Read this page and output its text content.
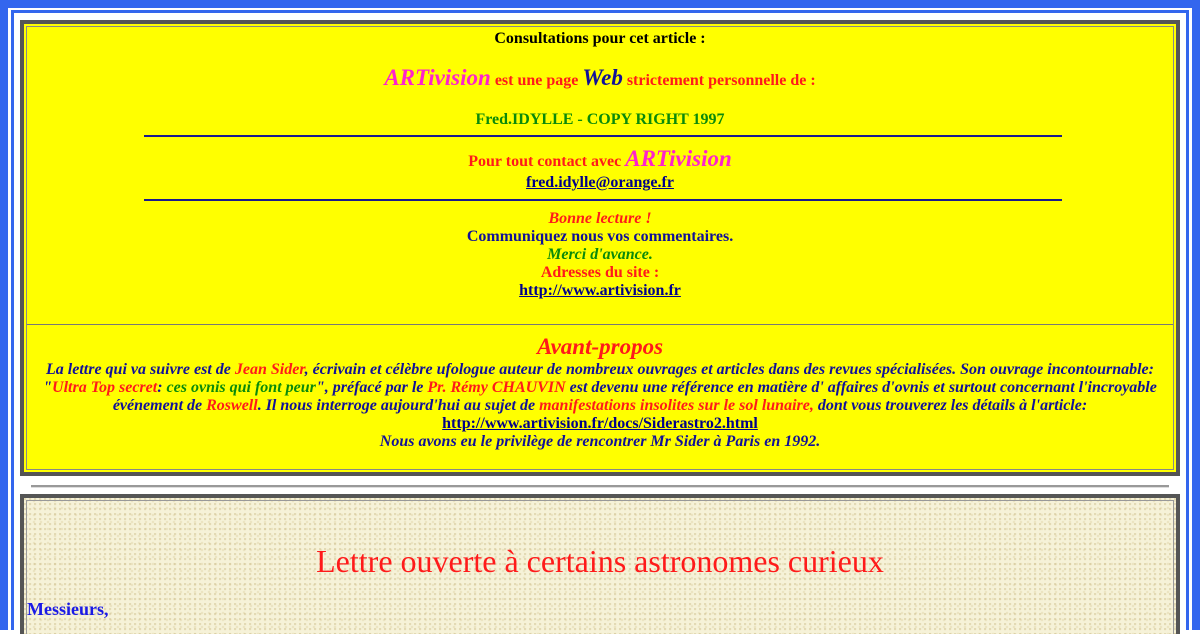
Consultations pour cet article :
ARTivision est une page Web strictement personnelle de :
Fred.IDYLLE - COPY RIGHT 1997
Pour tout contact avec ARTivision
fred.idylle@orange.fr
Bonne lecture !
Communiquez nous vos commentaires.
Merci d'avance.
Adresses du site :
http://www.artivision.fr
Avant-propos
La lettre qui va suivre est de Jean Sider, écrivain et célèbre ufologue auteur de nombreux ouvrages et articles dans des revues spécialisées. Son ouvrage incontournable:
"Ultra Top secret: ces ovnis qui font peur", préfacé par le Pr. Rémy CHAUVIN est devenu une référence en matière d' affaires d'ovnis et surtout concernant l'incroyable
événement de Roswell. Il nous interroge aujourd'hui au sujet de manifestations insolites sur le sol lunaire, dont vous trouverez les détails à l'article:
http://www.artivision.fr/docs/Siderastro2.html
Nous avons eu le privilège de rencontrer Mr Sider à Paris en 1992.
Lettre ouverte à certains astronomes curieux
Messieurs,
